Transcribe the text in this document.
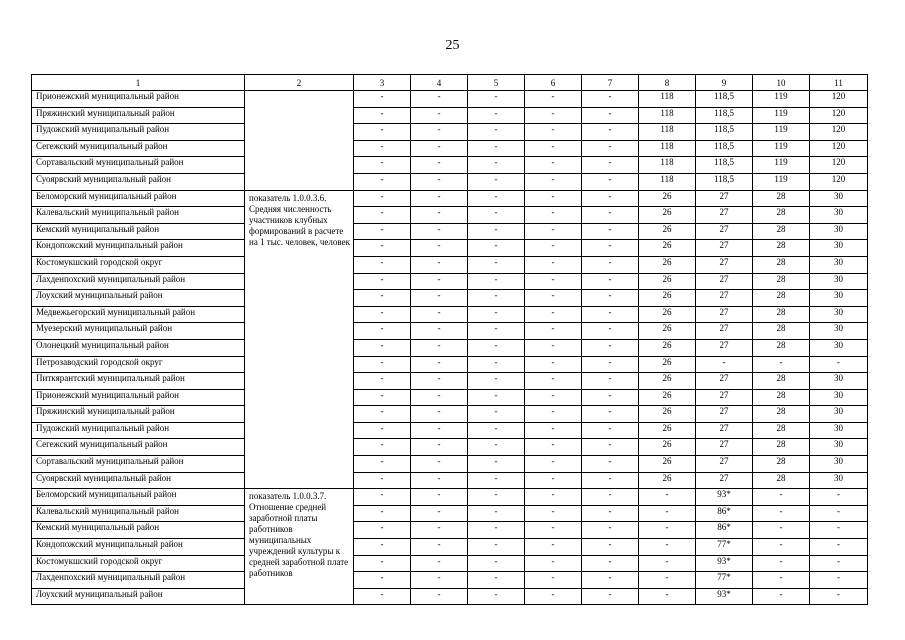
25
1	2	3	4	5	6	7	8	9	10	11
Прионежский муниципальный район		-	-	-	-	-	118	118,5	119	120
Пряжинский муниципальный район		-	-	-	-	-	118	118,5	119	120
Пудожский муниципальный район		-	-	-	-	-	118	118,5	119	120
Сегежский муниципальный район		-	-	-	-	-	118	118,5	119	120
Сортавальский муниципальный район		-	-	-	-	-	118	118,5	119	120
Суоярвский муниципальный район		-	-	-	-	-	118	118,5	119	120
Беломорский муниципальный район	показатель 1.0.0.3.6. Средняя численность участников клубных формирований в расчете на 1 тыс. человек, человек	-	-	-	-	-	26	27	28	30
Калевальский муниципальный район		-	-	-	-	-	26	27	28	30
Кемский муниципальный район		-	-	-	-	-	26	27	28	30
Кондопожский муниципальный район		-	-	-	-	-	26	27	28	30
Костомукшский городской округ		-	-	-	-	-	26	27	28	30
Лахденпохский муниципальный район		-	-	-	-	-	26	27	28	30
Лоухский муниципальный район		-	-	-	-	-	26	27	28	30
Медвежьегорский муниципальный район		-	-	-	-	-	26	27	28	30
Муезерский муниципальный район		-	-	-	-	-	26	27	28	30
Олонецкий муниципальный район		-	-	-	-	-	26	27	28	30
Петрозаводский городской округ		-	-	-	-	-	26	-	-	-
Питкярантский муниципальный район		-	-	-	-	-	26	27	28	30
Прионежский муниципальный район		-	-	-	-	-	26	27	28	30
Пряжинский муниципальный район		-	-	-	-	-	26	27	28	30
Пудожский муниципальный район		-	-	-	-	-	26	27	28	30
Сегежский муниципальный район		-	-	-	-	-	26	27	28	30
Сортавальский муниципальный район		-	-	-	-	-	26	27	28	30
Суоярвский муниципальный район		-	-	-	-	-	26	27	28	30
Беломорский муниципальный район	показатель 1.0.0.3.7. Отношение средней заработной платы работников муниципальных учреждений культуры к средней заработной плате работников	-	-	-	-	-	-	93*	-	-
Калевальский муниципальный район		-	-	-	-	-	-	86*	-	-
Кемский муниципальный район		-	-	-	-	-	-	86*	-	-
Кондопожский муниципальный район		-	-	-	-	-	-	77*	-	-
Костомукшский городской округ		-	-	-	-	-	-	93*	-	-
Лахденпохский муниципальный район		-	-	-	-	-	-	77*	-	-
Лоухский муниципальный район		-	-	-	-	-	-	93*	-	-
